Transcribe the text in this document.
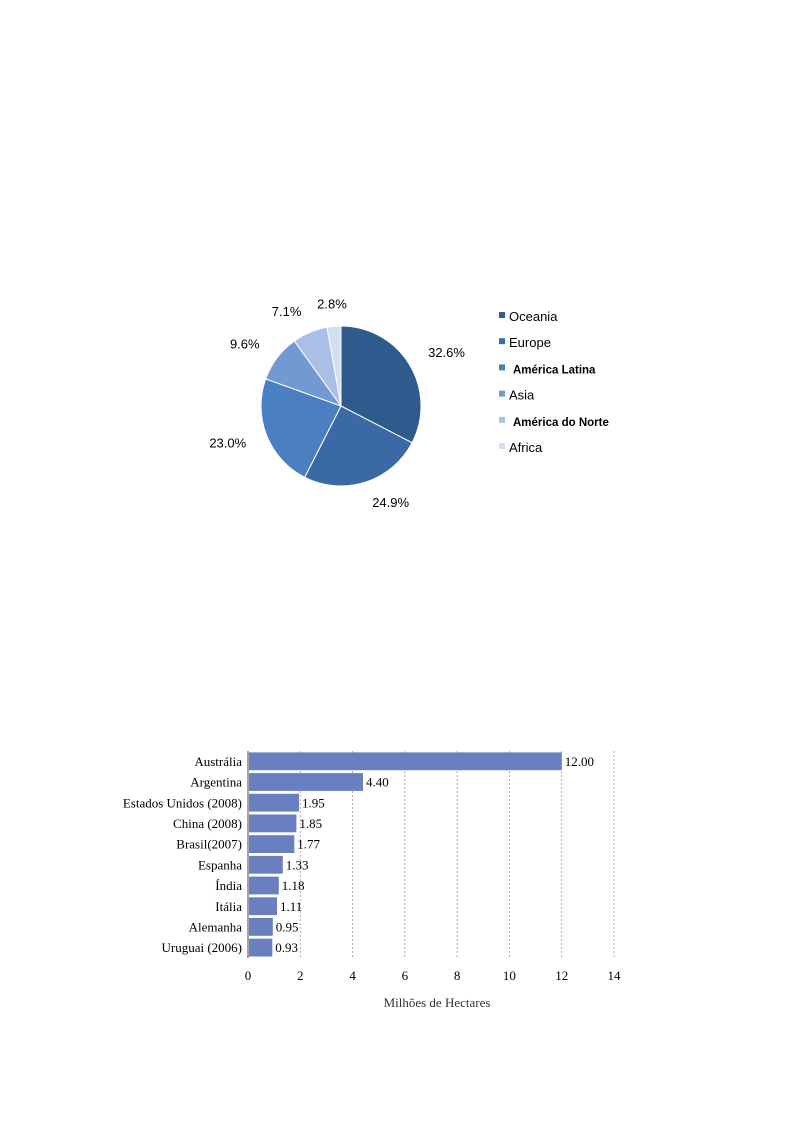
32.6%
24.9%
23.0%
9.6%
7.1%
2.8%
Oceania
Europe
América Latina
Asia
América do Norte
Africa
0	2	4	6	8	10	12	14
Austrália	12.00
Argentina	4.40
Estados Unidos (2008)	1.95
China (2008)	1.85
Brasil(2007)	1.77
Espanha	1.33
Índia	1.18
Itália	1.11
Alemanha	0.95
Uruguai (2006)	0.93
Milhões de Hectares
